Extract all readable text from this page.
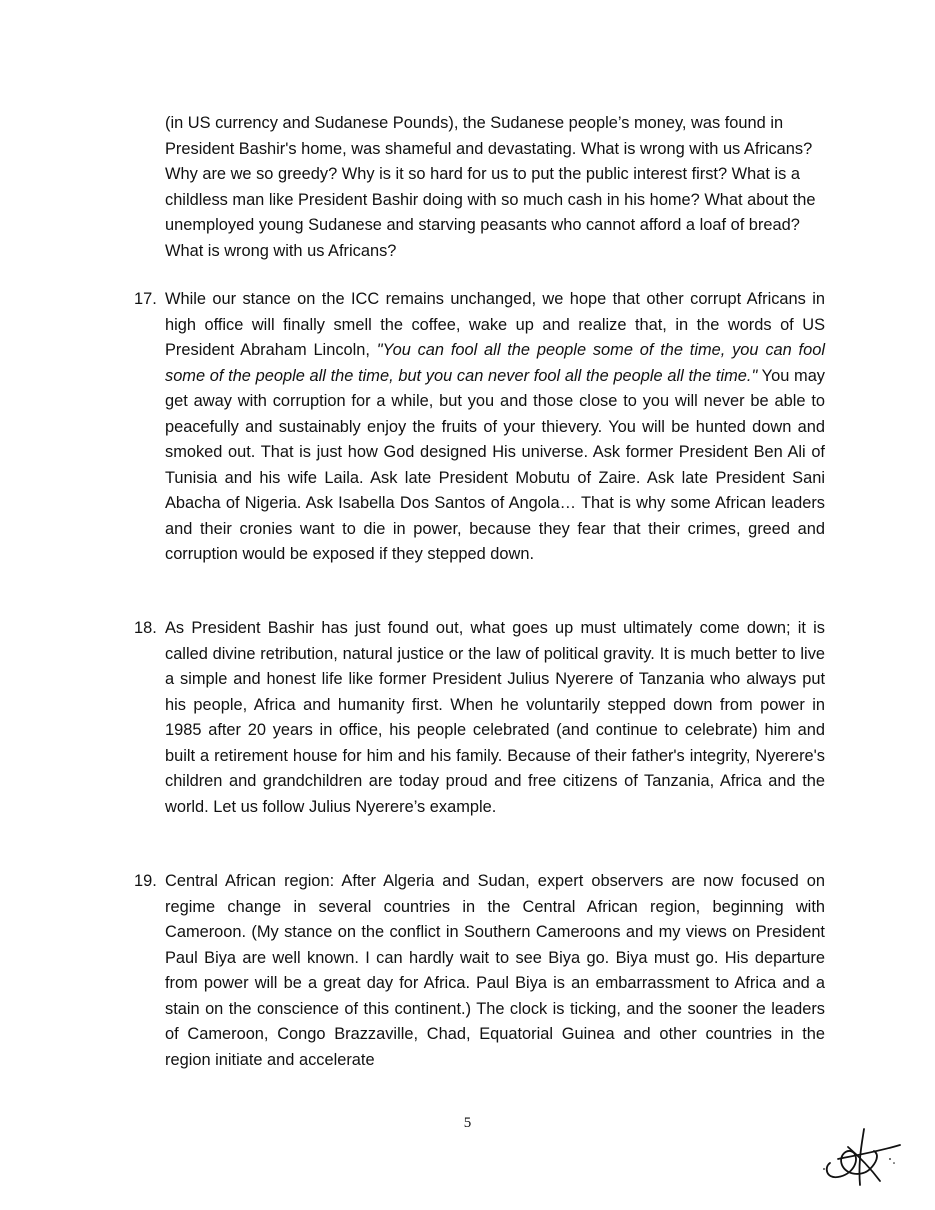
(in US currency and Sudanese Pounds), the Sudanese people’s money, was found in President Bashir's home, was shameful and devastating. What is wrong with us Africans? Why are we so greedy? Why is it so hard for us to put the public interest first? What is a childless man like President Bashir doing with so much cash in his home? What about the unemployed young Sudanese and starving peasants who cannot afford a loaf of bread? What is wrong with us Africans?

17. While our stance on the ICC remains unchanged, we hope that other corrupt Africans in high office will finally smell the coffee, wake up and realize that, in the words of US President Abraham Lincoln, "You can fool all the people some of the time, you can fool some of the people all the time, but you can never fool all the people all the time." You may get away with corruption for a while, but you and those close to you will never be able to peacefully and sustainably enjoy the fruits of your thievery. You will be hunted down and smoked out. That is just how God designed His universe. Ask former President Ben Ali of Tunisia and his wife Laila. Ask late President Mobutu of Zaire. Ask late President Sani Abacha of Nigeria. Ask Isabella Dos Santos of Angola… That is why some African leaders and their cronies want to die in power, because they fear that their crimes, greed and corruption would be exposed if they stepped down.

18. As President Bashir has just found out, what goes up must ultimately come down; it is called divine retribution, natural justice or the law of political gravity. It is much better to live a simple and honest life like former President Julius Nyerere of Tanzania who always put his people, Africa and humanity first. When he voluntarily stepped down from power in 1985 after 20 years in office, his people celebrated (and continue to celebrate) him and built a retirement house for him and his family. Because of their father's integrity, Nyerere's children and grandchildren are today proud and free citizens of Tanzania, Africa and the world. Let us follow Julius Nyerere’s example.

19. Central African region: After Algeria and Sudan, expert observers are now focused on regime change in several countries in the Central African region, beginning with Cameroon. (My stance on the conflict in Southern Cameroons and my views on President Paul Biya are well known. I can hardly wait to see Biya go. Biya must go. His departure from power will be a great day for Africa. Paul Biya is an embarrassment to Africa and a stain on the conscience of this continent.) The clock is ticking, and the sooner the leaders of Cameroon, Congo Brazzaville, Chad, Equatorial Guinea and other countries in the region initiate and accelerate

5
